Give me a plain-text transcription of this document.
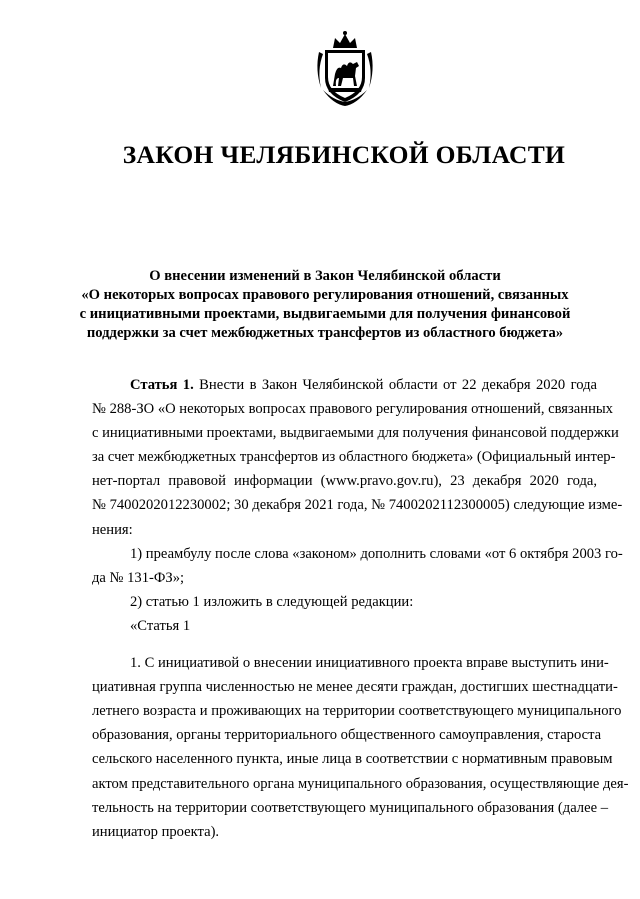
ЗАКОН ЧЕЛЯБИНСКОЙ ОБЛАСТИ
О внесении изменений в Закон Челябинской области
«О некоторых вопросах правового регулирования отношений, связанных
с инициативными проектами, выдвигаемыми для получения финансовой
поддержки за счет межбюджетных трансфертов из областного бюджета»
Статья 1. Внести в Закон Челябинской области от 22 декабря 2020 года
№ 288-ЗО «О некоторых вопросах правового регулирования отношений, связанных
с инициативными проектами, выдвигаемыми для получения финансовой поддержки
за счет межбюджетных трансфертов из областного бюджета» (Официальный интер-
нет-портал правовой информации (www.pravo.gov.ru), 23 декабря 2020 года,
№ 7400202012230002; 30 декабря 2021 года, № 7400202112300005) следующие изме-
нения:
1) преамбулу после слова «законом» дополнить словами «от 6 октября 2003 го-
да № 131-ФЗ»;
2) статью 1 изложить в следующей редакции:
«Статья 1
1. С инициативой о внесении инициативного проекта вправе выступить ини-
циативная группа численностью не менее десяти граждан, достигших шестнадцати-
летнего возраста и проживающих на территории соответствующего муниципального
образования, органы территориального общественного самоуправления, староста
сельского населенного пункта, иные лица в соответствии с нормативным правовым
актом представительного органа муниципального образования, осуществляющие дея-
тельность на территории соответствующего муниципального образования (далее –
инициатор проекта).
